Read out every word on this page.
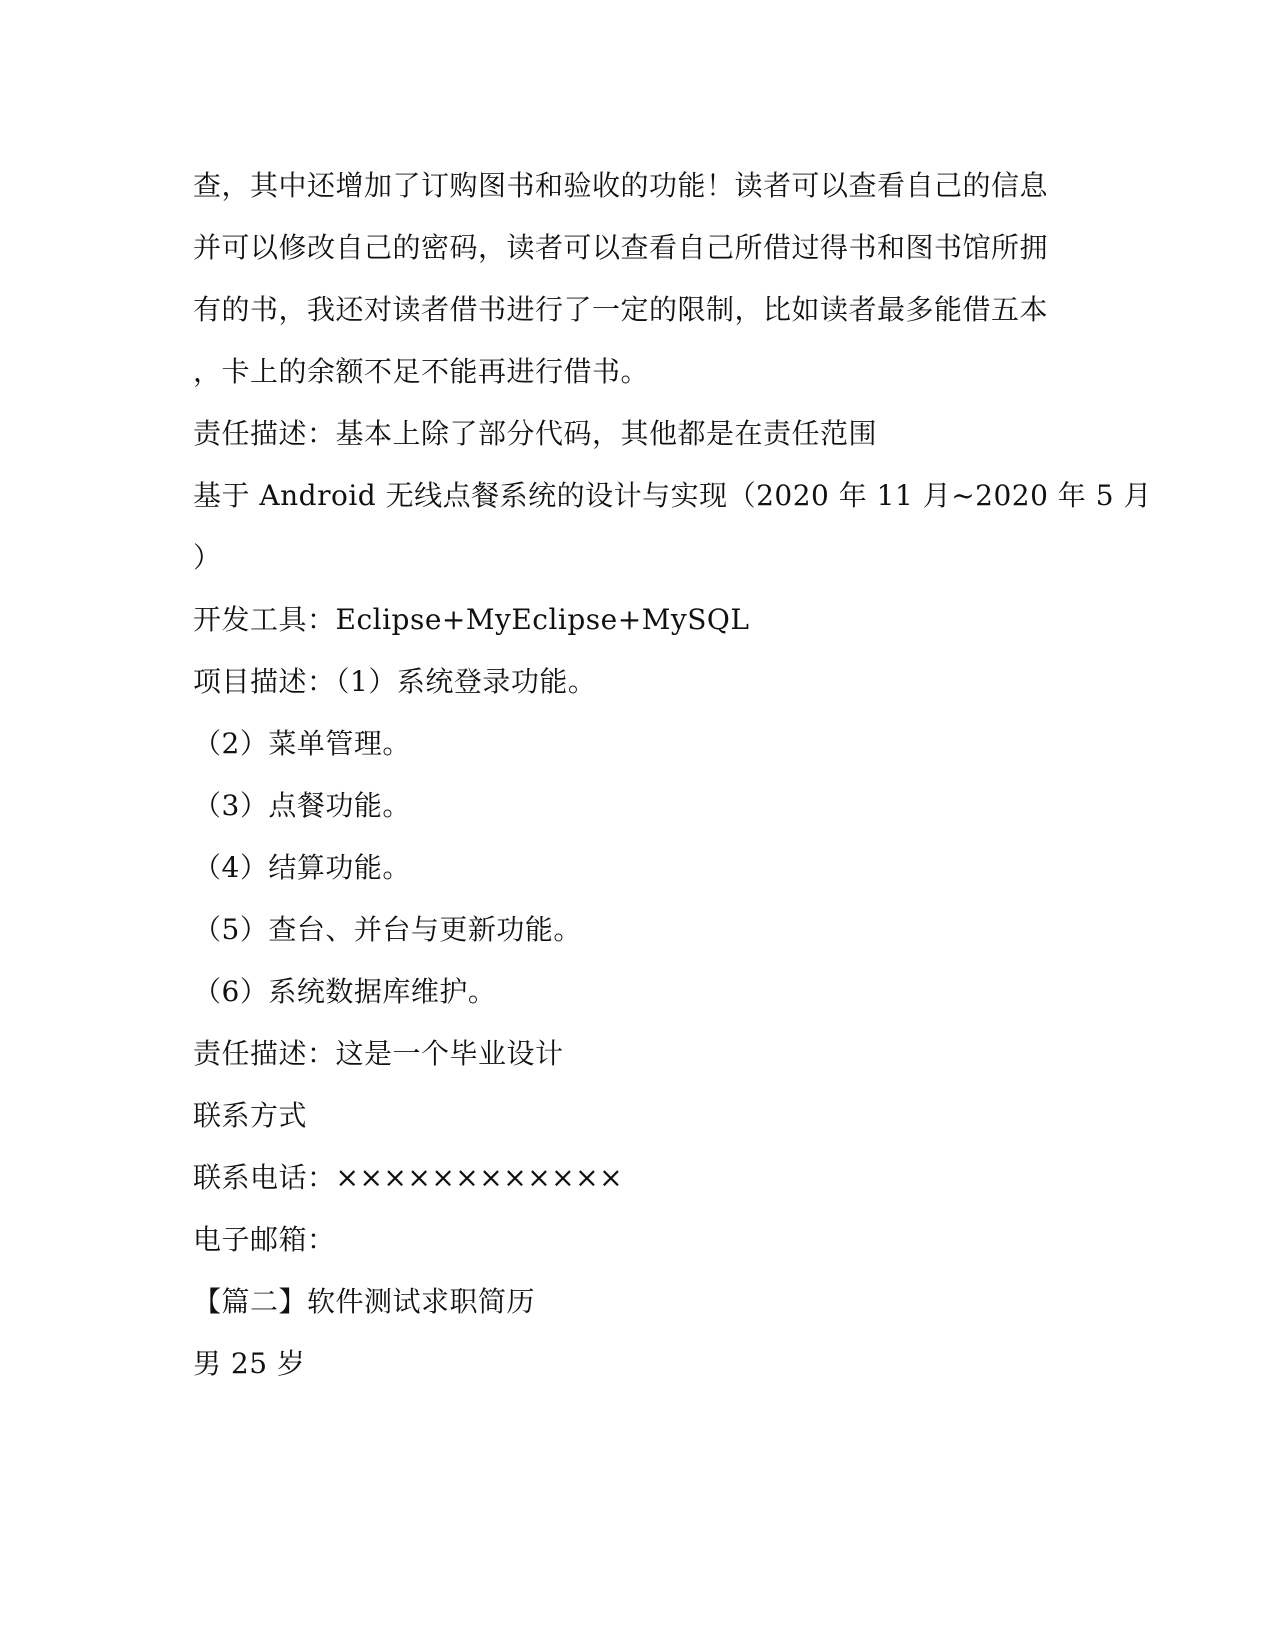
查，其中还增加了订购图书和验收的功能！读者可以查看自己的信息
并可以修改自己的密码，读者可以查看自己所借过得书和图书馆所拥
有的书，我还对读者借书进行了一定的限制，比如读者最多能借五本
，卡上的余额不足不能再进行借书。
责任描述：基本上除了部分代码，其他都是在责任范围
基于 Android 无线点餐系统的设计与实现（2020 年 11 月~2020 年 5 月
）
开发工具：Eclipse+MyEclipse+MySQL
项目描述：（1）系统登录功能。
（2）菜单管理。
（3）点餐功能。
（4）结算功能。
（5）查台、并台与更新功能。
（6）系统数据库维护。
责任描述：这是一个毕业设计
联系方式
联系电话：××××××××××××
电子邮箱：
【篇二】软件测试求职简历
男 25 岁
